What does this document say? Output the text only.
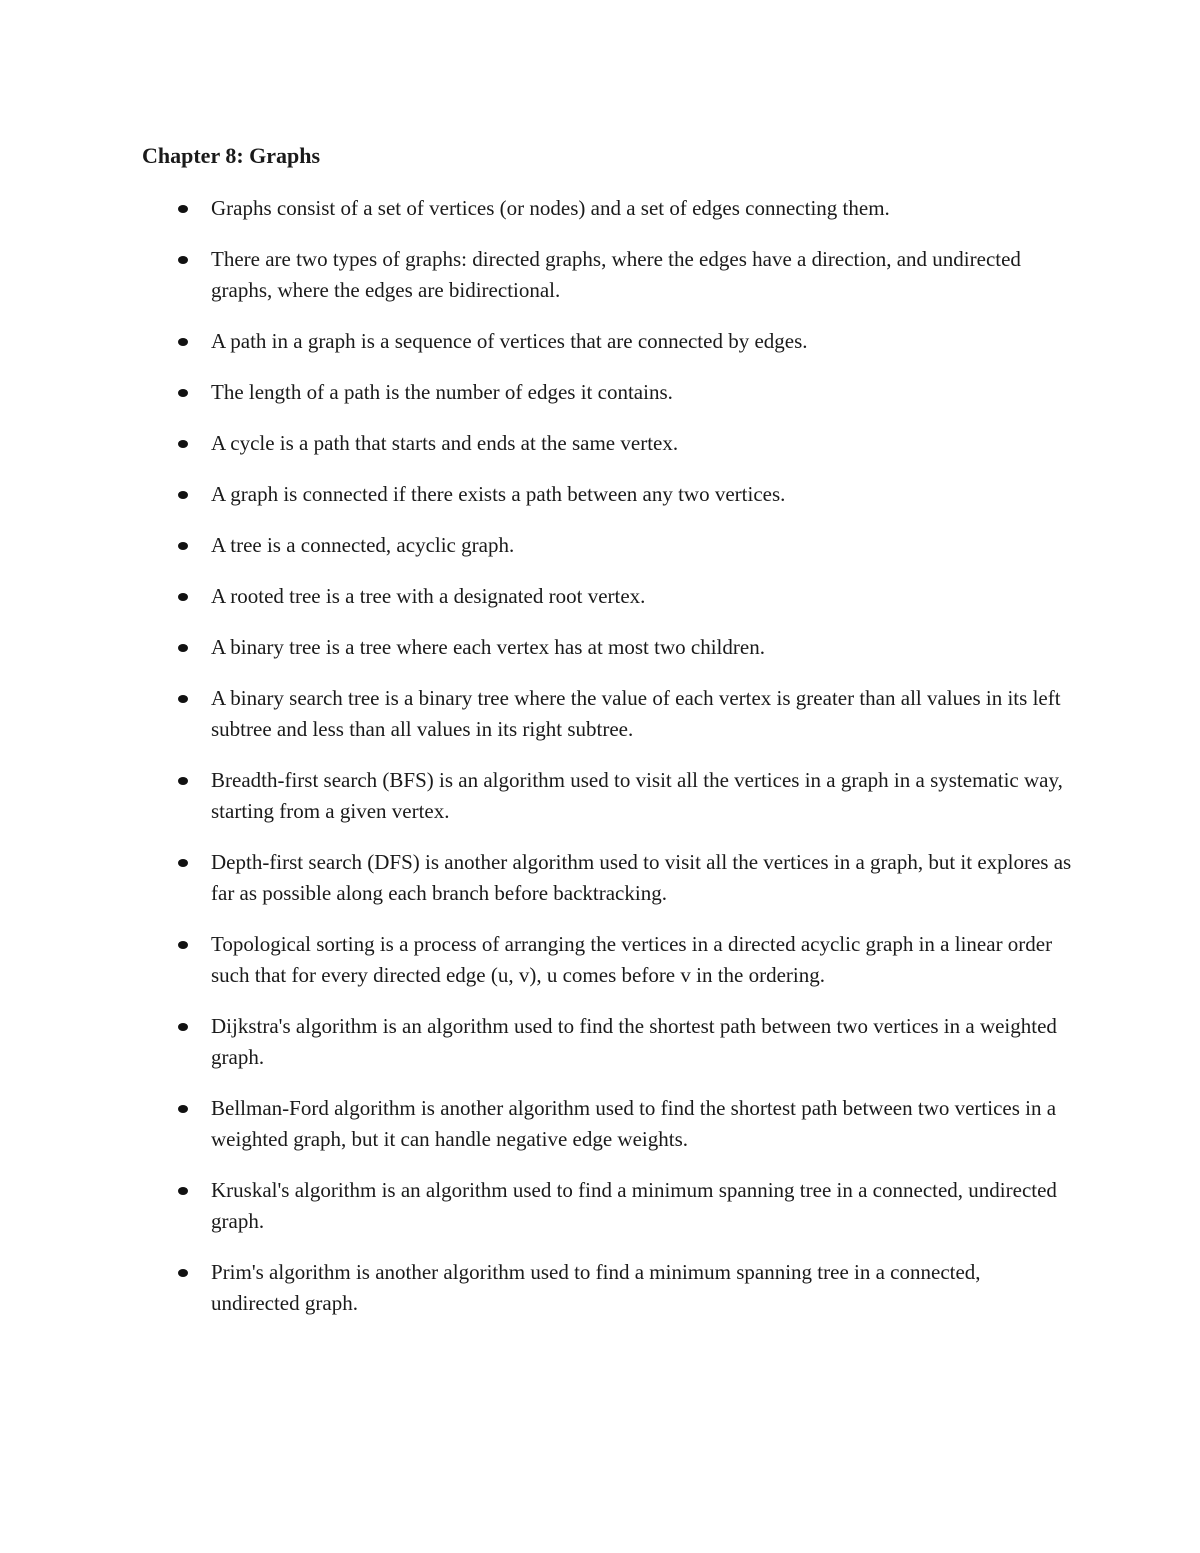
Chapter 8: Graphs
Graphs consist of a set of vertices (or nodes) and a set of edges connecting them.
There are two types of graphs: directed graphs, where the edges have a direction, and undirected graphs, where the edges are bidirectional.
A path in a graph is a sequence of vertices that are connected by edges.
The length of a path is the number of edges it contains.
A cycle is a path that starts and ends at the same vertex.
A graph is connected if there exists a path between any two vertices.
A tree is a connected, acyclic graph.
A rooted tree is a tree with a designated root vertex.
A binary tree is a tree where each vertex has at most two children.
A binary search tree is a binary tree where the value of each vertex is greater than all values in its left subtree and less than all values in its right subtree.
Breadth-first search (BFS) is an algorithm used to visit all the vertices in a graph in a systematic way, starting from a given vertex.
Depth-first search (DFS) is another algorithm used to visit all the vertices in a graph, but it explores as far as possible along each branch before backtracking.
Topological sorting is a process of arranging the vertices in a directed acyclic graph in a linear order such that for every directed edge (u, v), u comes before v in the ordering.
Dijkstra's algorithm is an algorithm used to find the shortest path between two vertices in a weighted graph.
Bellman-Ford algorithm is another algorithm used to find the shortest path between two vertices in a weighted graph, but it can handle negative edge weights.
Kruskal's algorithm is an algorithm used to find a minimum spanning tree in a connected, undirected graph.
Prim's algorithm is another algorithm used to find a minimum spanning tree in a connected, undirected graph.
